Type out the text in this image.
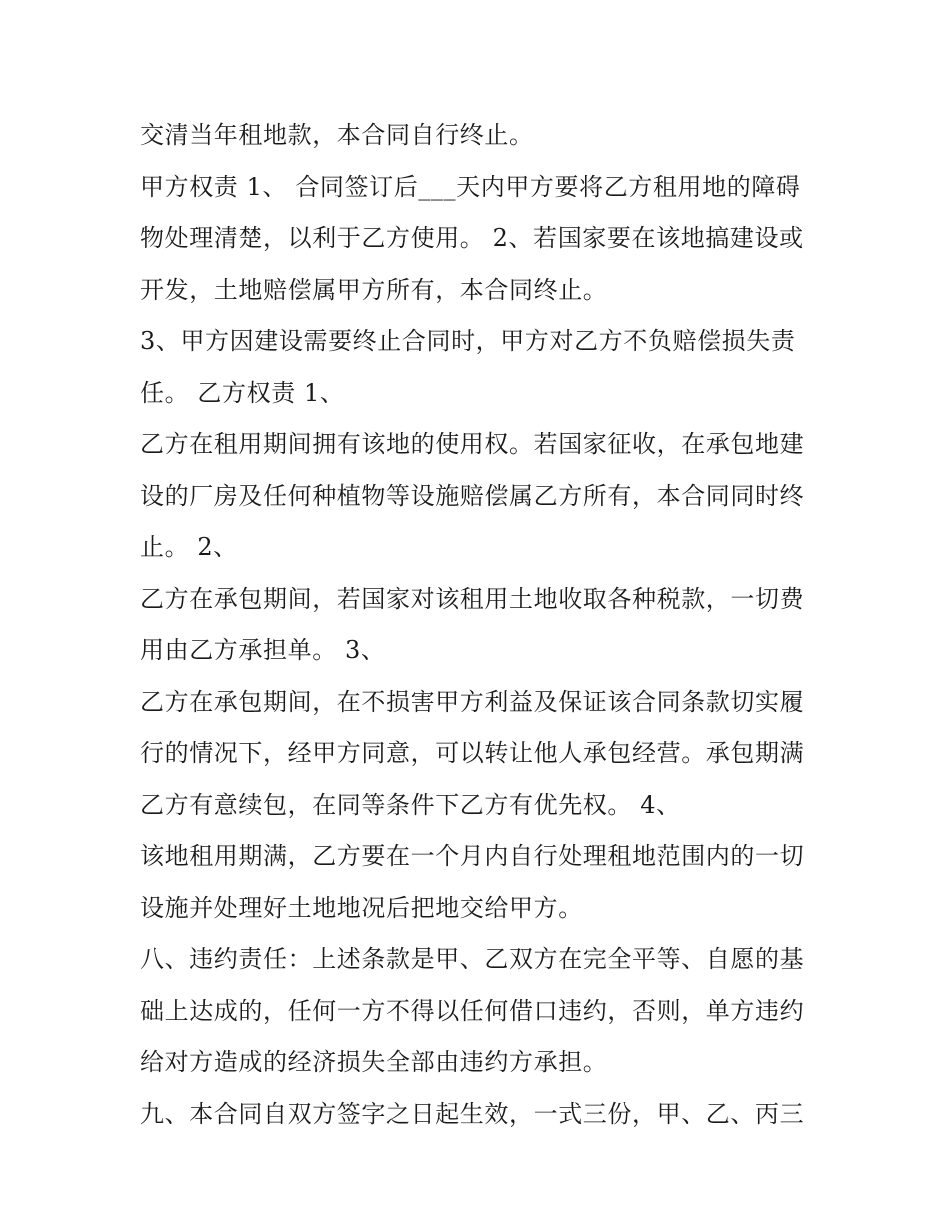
交清当年租地款，本合同自行终止。
甲方权责 1、 合同签订后___天内甲方要将乙方租用地的障碍
物处理清楚，以利于乙方使用。 2、若国家要在该地搞建设或
开发，土地赔偿属甲方所有，本合同终止。
3、甲方因建设需要终止合同时，甲方对乙方不负赔偿损失责
任。 乙方权责 1、
乙方在租用期间拥有该地的使用权。若国家征收，在承包地建
设的厂房及任何种植物等设施赔偿属乙方所有，本合同同时终
止。 2、
乙方在承包期间，若国家对该租用土地收取各种税款，一切费
用由乙方承担单。 3、
乙方在承包期间，在不损害甲方利益及保证该合同条款切实履
行的情况下，经甲方同意，可以转让他人承包经营。承包期满
乙方有意续包，在同等条件下乙方有优先权。 4、
该地租用期满，乙方要在一个月内自行处理租地范围内的一切
设施并处理好土地地况后把地交给甲方。
八、违约责任：上述条款是甲、乙双方在完全平等、自愿的基
础上达成的，任何一方不得以任何借口违约，否则，单方违约
给对方造成的经济损失全部由违约方承担。
九、本合同自双方签字之日起生效，一式三份，甲、乙、丙三
